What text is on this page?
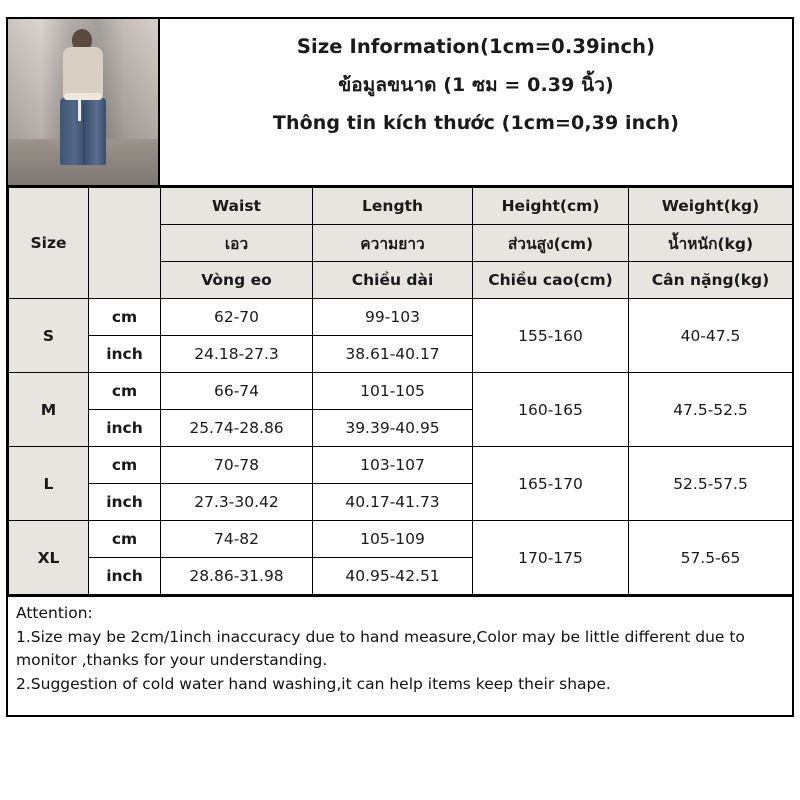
Size Information(1cm=0.39inch)
ข้อมูลขนาด (1 ซม = 0.39 นิ้ว)
Thông tin kích thước (1cm=0,39 inch)
Size		Waist	Length	Height(cm)	Weight(kg)
		เอว	ความยาว	ส่วนสูง(cm)	น้ำหนัก(kg)
		Vòng eo	Chiều dài	Chiều cao(cm)	Cân nặng(kg)
S	cm	62-70	99-103	155-160	40-47.5
	inch	24.18-27.3	38.61-40.17		
M	cm	66-74	101-105	160-165	47.5-52.5
	inch	25.74-28.86	39.39-40.95		
L	cm	70-78	103-107	165-170	52.5-57.5
	inch	27.3-30.42	40.17-41.73		
XL	cm	74-82	105-109	170-175	57.5-65
	inch	28.86-31.98	40.95-42.51		
Attention:
1.Size may be 2cm/1inch inaccuracy due to hand measure,Color may be little different due to
monitor ,thanks for your understanding.
2.Suggestion of cold water hand washing,it can help items keep their shape.
